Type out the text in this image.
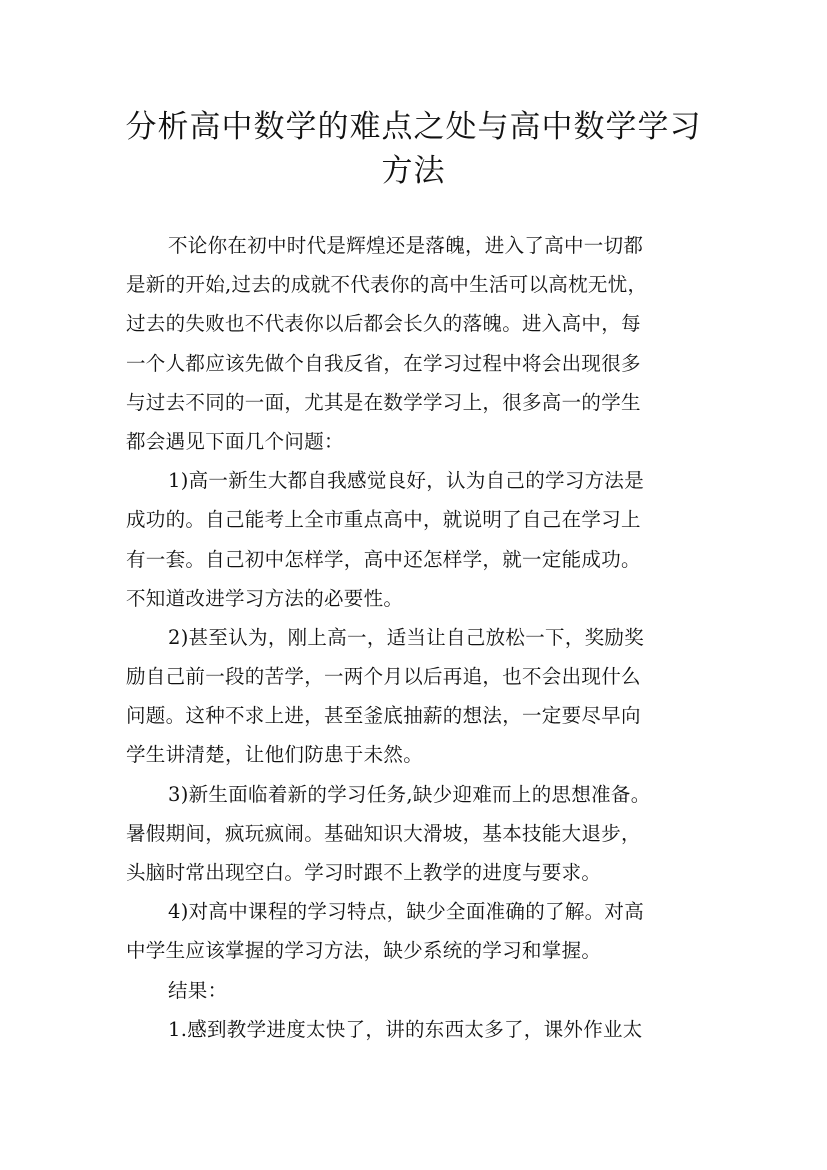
分析高中数学的难点之处与高中数学学习
方法
不论你在初中时代是辉煌还是落魄，进入了高中一切都
是新的开始,过去的成就不代表你的高中生活可以高枕无忧，
过去的失败也不代表你以后都会长久的落魄。进入高中，每
一个人都应该先做个自我反省，在学习过程中将会出现很多
与过去不同的一面，尤其是在数学学习上，很多高一的学生
都会遇见下面几个问题：
1)高一新生大都自我感觉良好，认为自己的学习方法是
成功的。自己能考上全市重点高中，就说明了自己在学习上
有一套。自己初中怎样学，高中还怎样学，就一定能成功。
不知道改进学习方法的必要性。
2)甚至认为，刚上高一，适当让自己放松一下，奖励奖
励自己前一段的苦学，一两个月以后再追，也不会出现什么
问题。这种不求上进，甚至釜底抽薪的想法，一定要尽早向
学生讲清楚，让他们防患于未然。
3)新生面临着新的学习任务,缺少迎难而上的思想准备。
暑假期间，疯玩疯闹。基础知识大滑坡，基本技能大退步，
头脑时常出现空白。学习时跟不上教学的进度与要求。
4)对高中课程的学习特点，缺少全面准确的了解。对高
中学生应该掌握的学习方法，缺少系统的学习和掌握。
结果：
1.感到教学进度太快了，讲的东西太多了，课外作业太
